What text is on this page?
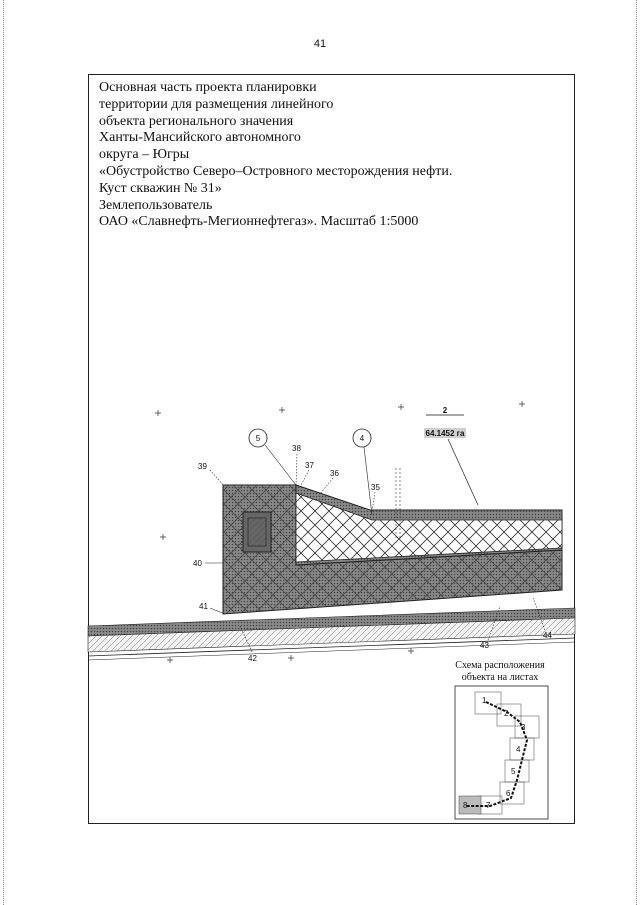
41
Основная часть проекта планировки
территории для размещения линейного
объекта регионального значения
Ханты-Мансийского автономного
округа – Югры
«Обустройство Северо–Островного месторождения нефти.
Куст скважин № 31»
Землепользователь
ОАО «Славнефть-Мегионнефтегаз». Масштаб 1:5000
2
64.1452 га
5	4
38
37
36
35
39
40
41
42
43
44
Схема расположения
объекта на листах
1
2
3
4
5
6
7
8
